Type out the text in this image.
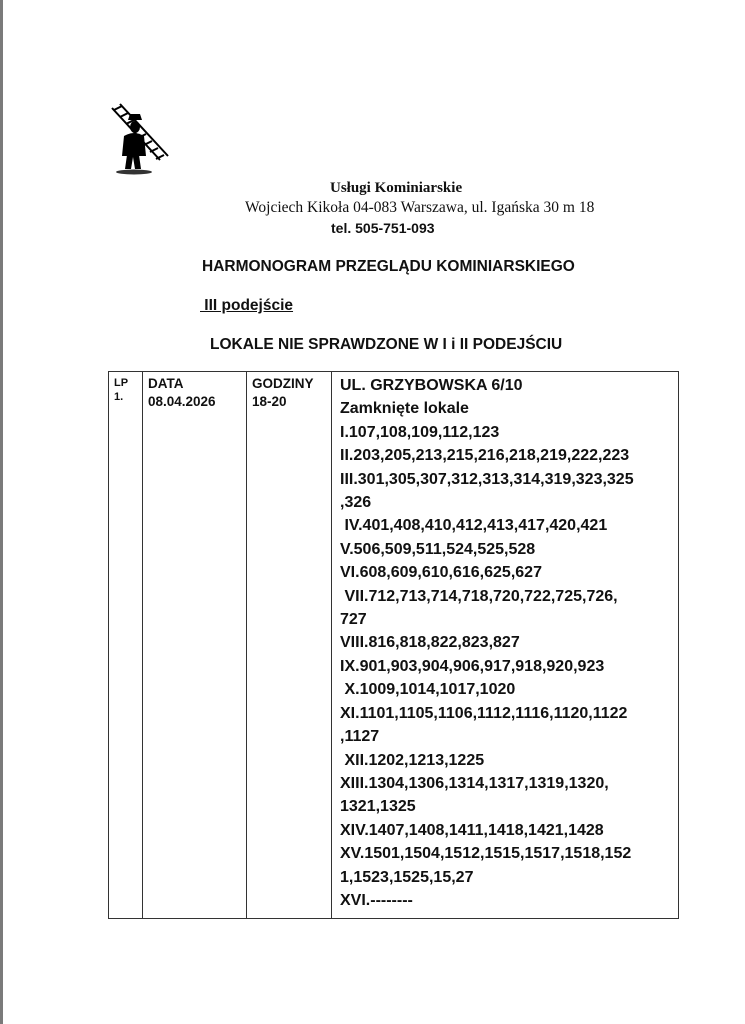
Usługi Kominiarskie
Wojciech Kikoła 04-083 Warszawa, ul. Igańska 30 m 18
tel. 505-751-093
HARMONOGRAM PRZEGLĄDU KOMINIARSKIEGO
III podejście
LOKALE NIE SPRAWDZONE W I i II PODEJŚCIU
LP
1.

DATA
08.04.2026

GODZINY
18-20

UL. GRZYBOWSKA 6/10
Zamknięte lokale
I.107,108,109,112,123
II.203,205,213,215,216,218,219,222,223
III.301,305,307,312,313,314,319,323,325
,326
IV.401,408,410,412,413,417,420,421
V.506,509,511,524,525,528
VI.608,609,610,616,625,627
VII.712,713,714,718,720,722,725,726,
727
VIII.816,818,822,823,827
IX.901,903,904,906,917,918,920,923
X.1009,1014,1017,1020
XI.1101,1105,1106,1112,1116,1120,1122
,1127
XII.1202,1213,1225
XIII.1304,1306,1314,1317,1319,1320,
1321,1325
XIV.1407,1408,1411,1418,1421,1428
XV.1501,1504,1512,1515,1517,1518,152
1,1523,1525,15,27
XVI.--------
